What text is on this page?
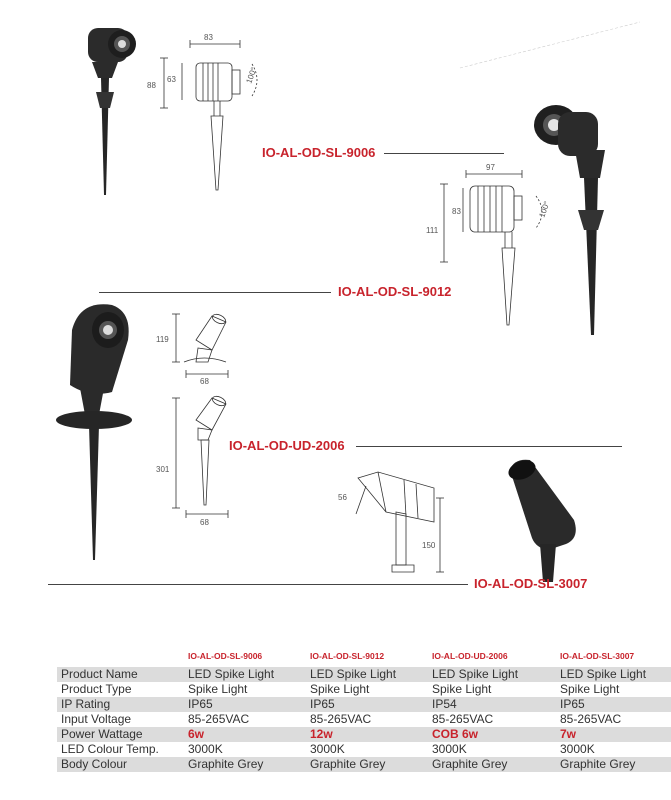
83
88
63	100°
97
111
83	100°
119
68
301
68
56
150
IO-AL-OD-SL-9006
IO-AL-OD-SL-9012
IO-AL-OD-UD-2006
IO-AL-OD-SL-3007
IO-AL-OD-SL-9006	IO-AL-OD-SL-9012	IO-AL-OD-UD-2006	IO-AL-OD-SL-3007
Product Name	LED Spike Light	LED Spike Light	LED Spike Light	LED Spike Light
Product Type	Spike Light	Spike Light	Spike Light	Spike Light
IP Rating	IP65	IP65	IP54	IP65
Input Voltage	85-265VAC	85-265VAC	85-265VAC	85-265VAC
Power Wattage	6w	12w	COB 6w	7w
LED Colour Temp. 3000K	3000K	3000K	3000K
Body Colour	Graphite Grey	Graphite Grey	Graphite Grey	Graphite Grey
